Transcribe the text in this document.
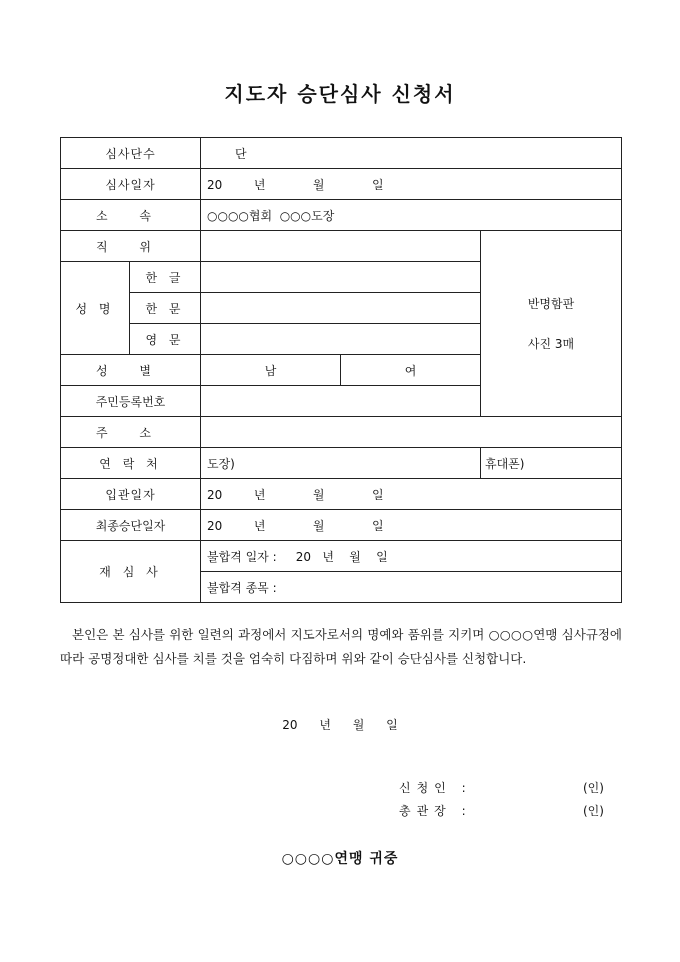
지도자 승단심사 신청서
심사단수		단		
심사일자		20  년   월   일		
소 속		○○○○협회  ○○○도장		
직 위				반명함판
사진 3매

성 명	한 글			
	한 문			
	영 문			
성 별		남	여	
주민등록번호				
주 소				
연 락 처		도장)		휴대폰)
입관일자		20  년   월   일		
최종승단일자		20  년   월   일		
재 심 사		불합격 일자 :     20   년    월    일		
		불합격 종목 :		
본인은 본 심사를 위한 일련의 과정에서 지도자로서의 명예와 품위를 지키며 ○○○○연맹 심사규정에 따라 공명정대한 심사를 치를 것을 엄숙히 다짐하며 위와 같이 승단심사를 신청합니다.
20 년 월 일
신청인 :	(인)
총관장 :	(인)
○○○○연맹 귀중
